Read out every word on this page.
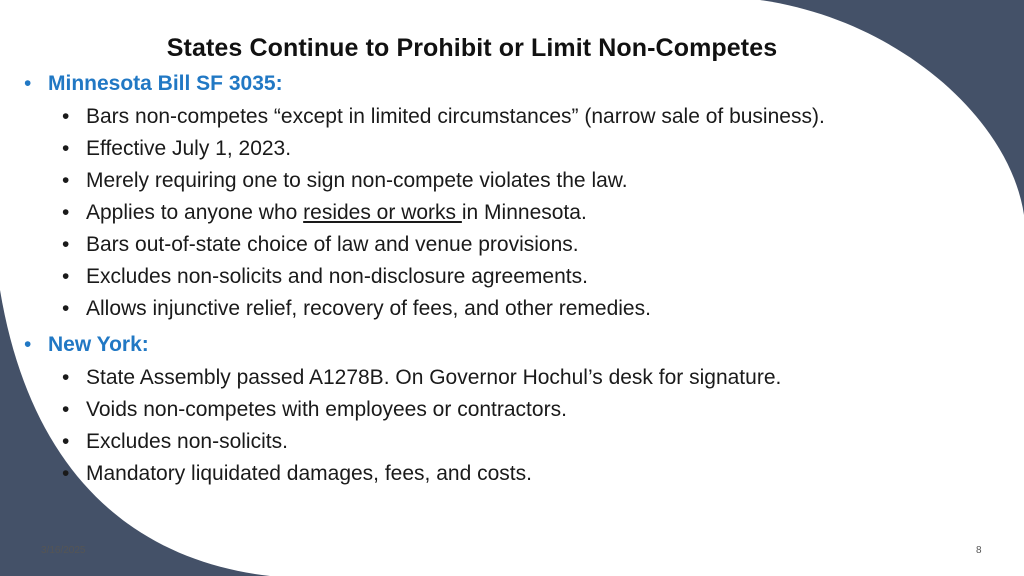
States Continue to Prohibit or Limit Non-Competes
• Minnesota Bill SF 3035:
• Bars non-competes “except in limited circumstances” (narrow sale of business).
• Effective July 1, 2023.
• Merely requiring one to sign non-compete violates the law.
• Applies to anyone who resides or works in Minnesota.
• Bars out-of-state choice of law and venue provisions.
• Excludes non-solicits and non-disclosure agreements.
• Allows injunctive relief, recovery of fees, and other remedies.
• New York:
• State Assembly passed A1278B. On Governor Hochul’s desk for signature.
• Voids non-competes with employees or contractors.
• Excludes non-solicits.
• Mandatory liquidated damages, fees, and costs.
3/16/2025	8
